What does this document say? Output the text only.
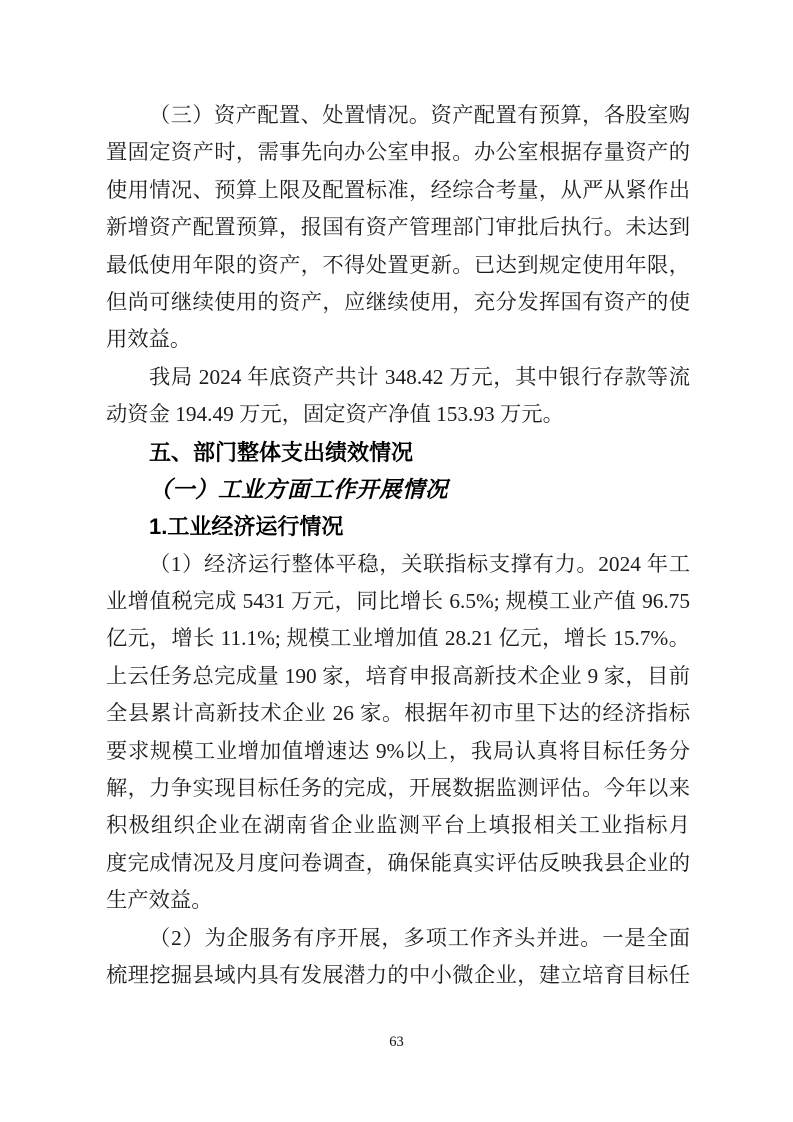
（三）资产配置、处置情况。资产配置有预算，各股室购
置固定资产时，需事先向办公室申报。办公室根据存量资产的
使用情况、预算上限及配置标准，经综合考量，从严从紧作出
新增资产配置预算，报国有资产管理部门审批后执行。未达到
最低使用年限的资产，不得处置更新。已达到规定使用年限，
但尚可继续使用的资产，应继续使用，充分发挥国有资产的使
用效益。
我局 2024 年底资产共计 348.42 万元，其中银行存款等流
动资金 194.49 万元，固定资产净值 153.93 万元。
五、部门整体支出绩效情况
（一）工业方面工作开展情况
1.工业经济运行情况
（1）经济运行整体平稳，关联指标支撑有力。2024 年工
业增值税完成 5431 万元，同比增长 6.5%; 规模工业产值 96.75
亿元，增长 11.1%; 规模工业增加值 28.21 亿元，增长 15.7%。
上云任务总完成量 190 家，培育申报高新技术企业 9 家，目前
全县累计高新技术企业 26 家。根据年初市里下达的经济指标
要求规模工业增加值增速达 9%以上，我局认真将目标任务分
解，力争实现目标任务的完成，开展数据监测评估。今年以来
积极组织企业在湖南省企业监测平台上填报相关工业指标月
度完成情况及月度问卷调查，确保能真实评估反映我县企业的
生产效益。
（2）为企服务有序开展，多项工作齐头并进。一是全面
梳理挖掘县域内具有发展潜力的中小微企业，建立培育目标任
63
